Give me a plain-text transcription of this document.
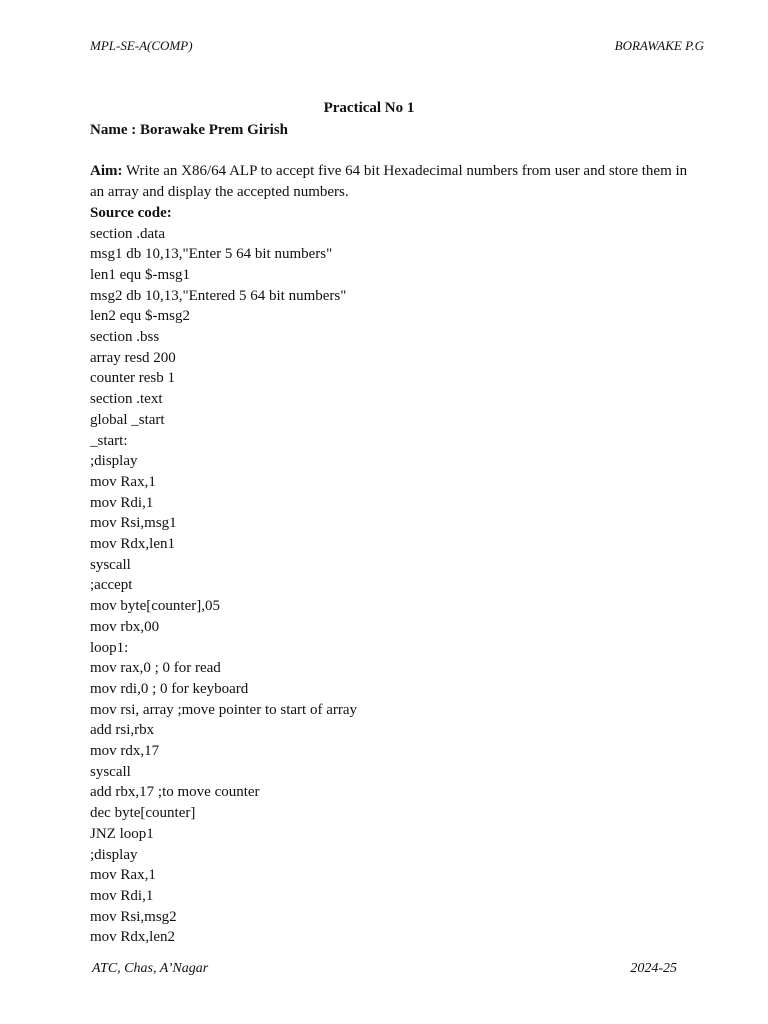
MPL-SE-A(COMP)	BORAWAKE P.G
Practical No 1
Name : Borawake Prem Girish
Aim: Write an X86/64 ALP to accept five 64 bit Hexadecimal numbers from user and store them in an array and display the accepted numbers.
Source code:
section .data
msg1 db 10,13,"Enter 5 64 bit numbers"
len1 equ $-msg1
msg2 db 10,13,"Entered 5 64 bit numbers"
len2 equ $-msg2
section .bss
array resd 200
counter resb 1
section .text
global _start
_start:
;display
mov Rax,1
mov Rdi,1
mov Rsi,msg1
mov Rdx,len1
syscall
;accept
mov byte[counter],05
mov rbx,00
loop1:
mov rax,0 ; 0 for read
mov rdi,0 ; 0 for keyboard
mov rsi, array ;move pointer to start of array
add rsi,rbx
mov rdx,17
syscall
add rbx,17 ;to move counter
dec byte[counter]
JNZ loop1
;display
mov Rax,1
mov Rdi,1
mov Rsi,msg2
mov Rdx,len2
ATC, Chas, A’Nagar	2024-25
